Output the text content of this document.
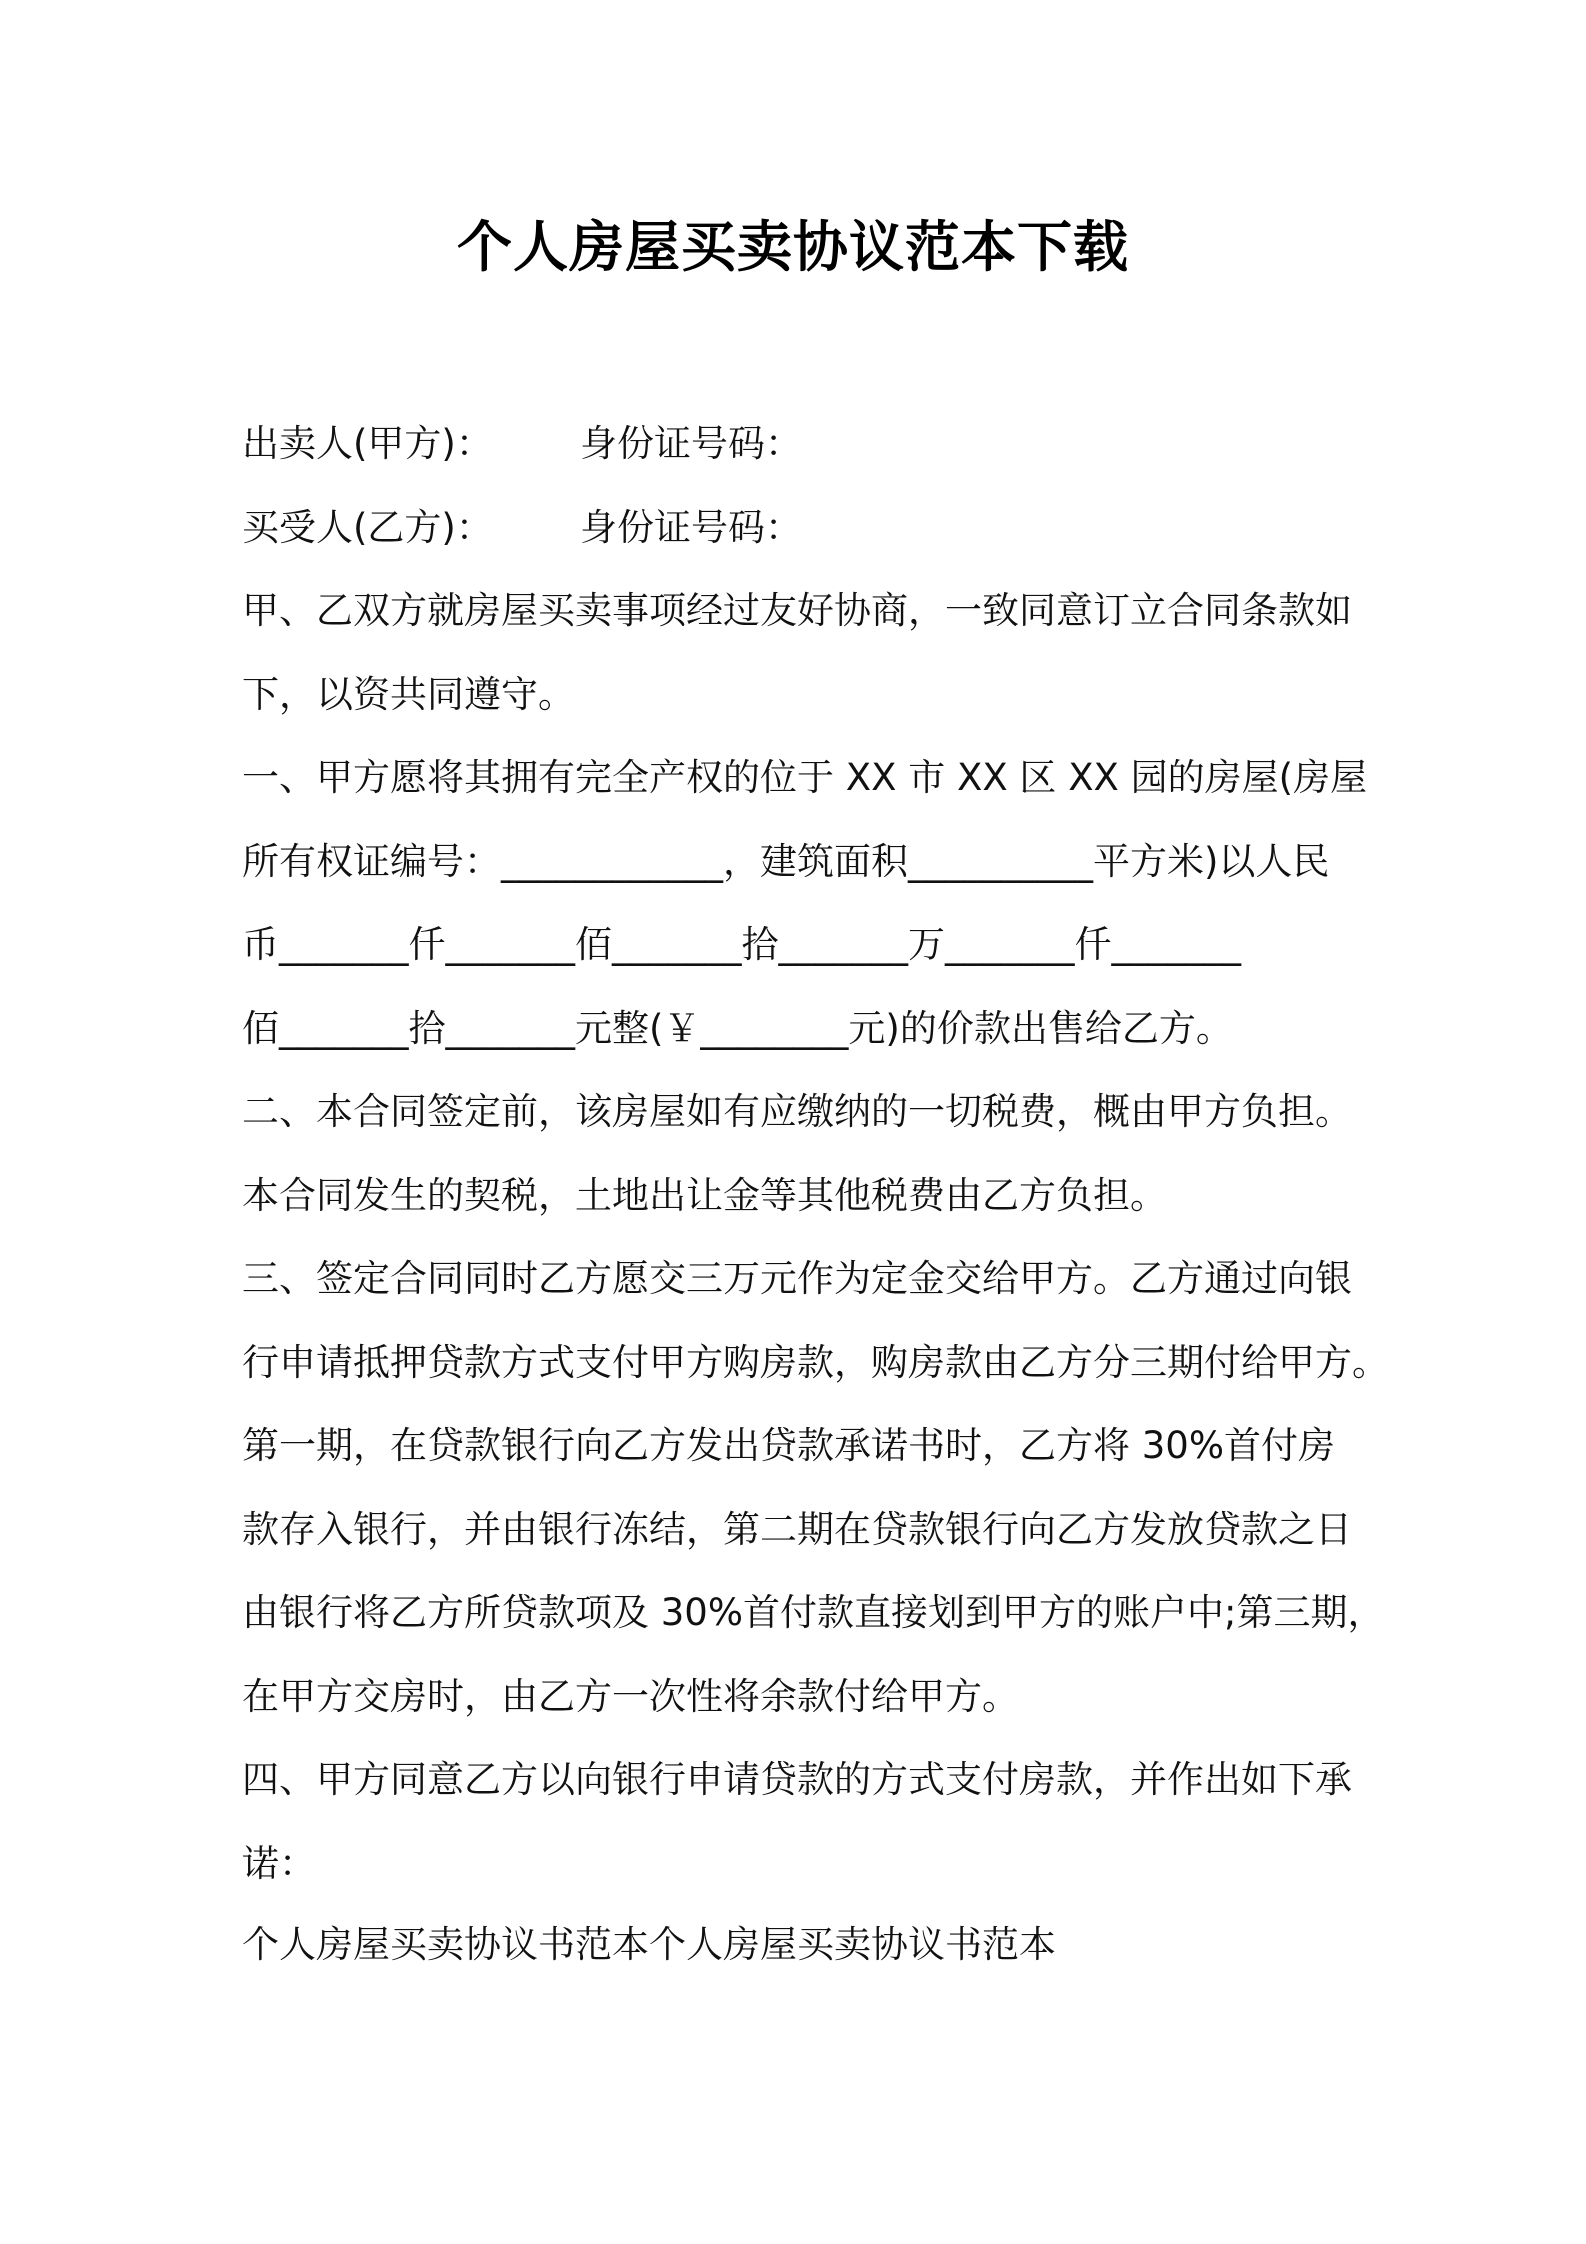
个人房屋买卖协议范本下载
出卖人(甲方)： 身份证号码：
买受人(乙方)： 身份证号码：
甲、乙双方就房屋买卖事项经过友好协商，一致同意订立合同条款如
下，以资共同遵守。
一、甲方愿将其拥有完全产权的位于 XX 市 XX 区 XX 园的房屋(房屋
所有权证编号：____________，建筑面积__________平方米)以人民
币_______仟_______佰_______拾_______万_______仟_______
佰_______拾_______元整(￥________元)的价款出售给乙方。
二、本合同签定前，该房屋如有应缴纳的一切税费，概由甲方负担。
本合同发生的契税，土地出让金等其他税费由乙方负担。
三、签定合同同时乙方愿交三万元作为定金交给甲方。乙方通过向银
行申请抵押贷款方式支付甲方购房款，购房款由乙方分三期付给甲方。
第一期，在贷款银行向乙方发出贷款承诺书时，乙方将 30%首付房
款存入银行，并由银行冻结，第二期在贷款银行向乙方发放贷款之日
由银行将乙方所贷款项及 30%首付款直接划到甲方的账户中;第三期，
在甲方交房时，由乙方一次性将余款付给甲方。
四、甲方同意乙方以向银行申请贷款的方式支付房款，并作出如下承
诺：
个人房屋买卖协议书范本个人房屋买卖协议书范本
